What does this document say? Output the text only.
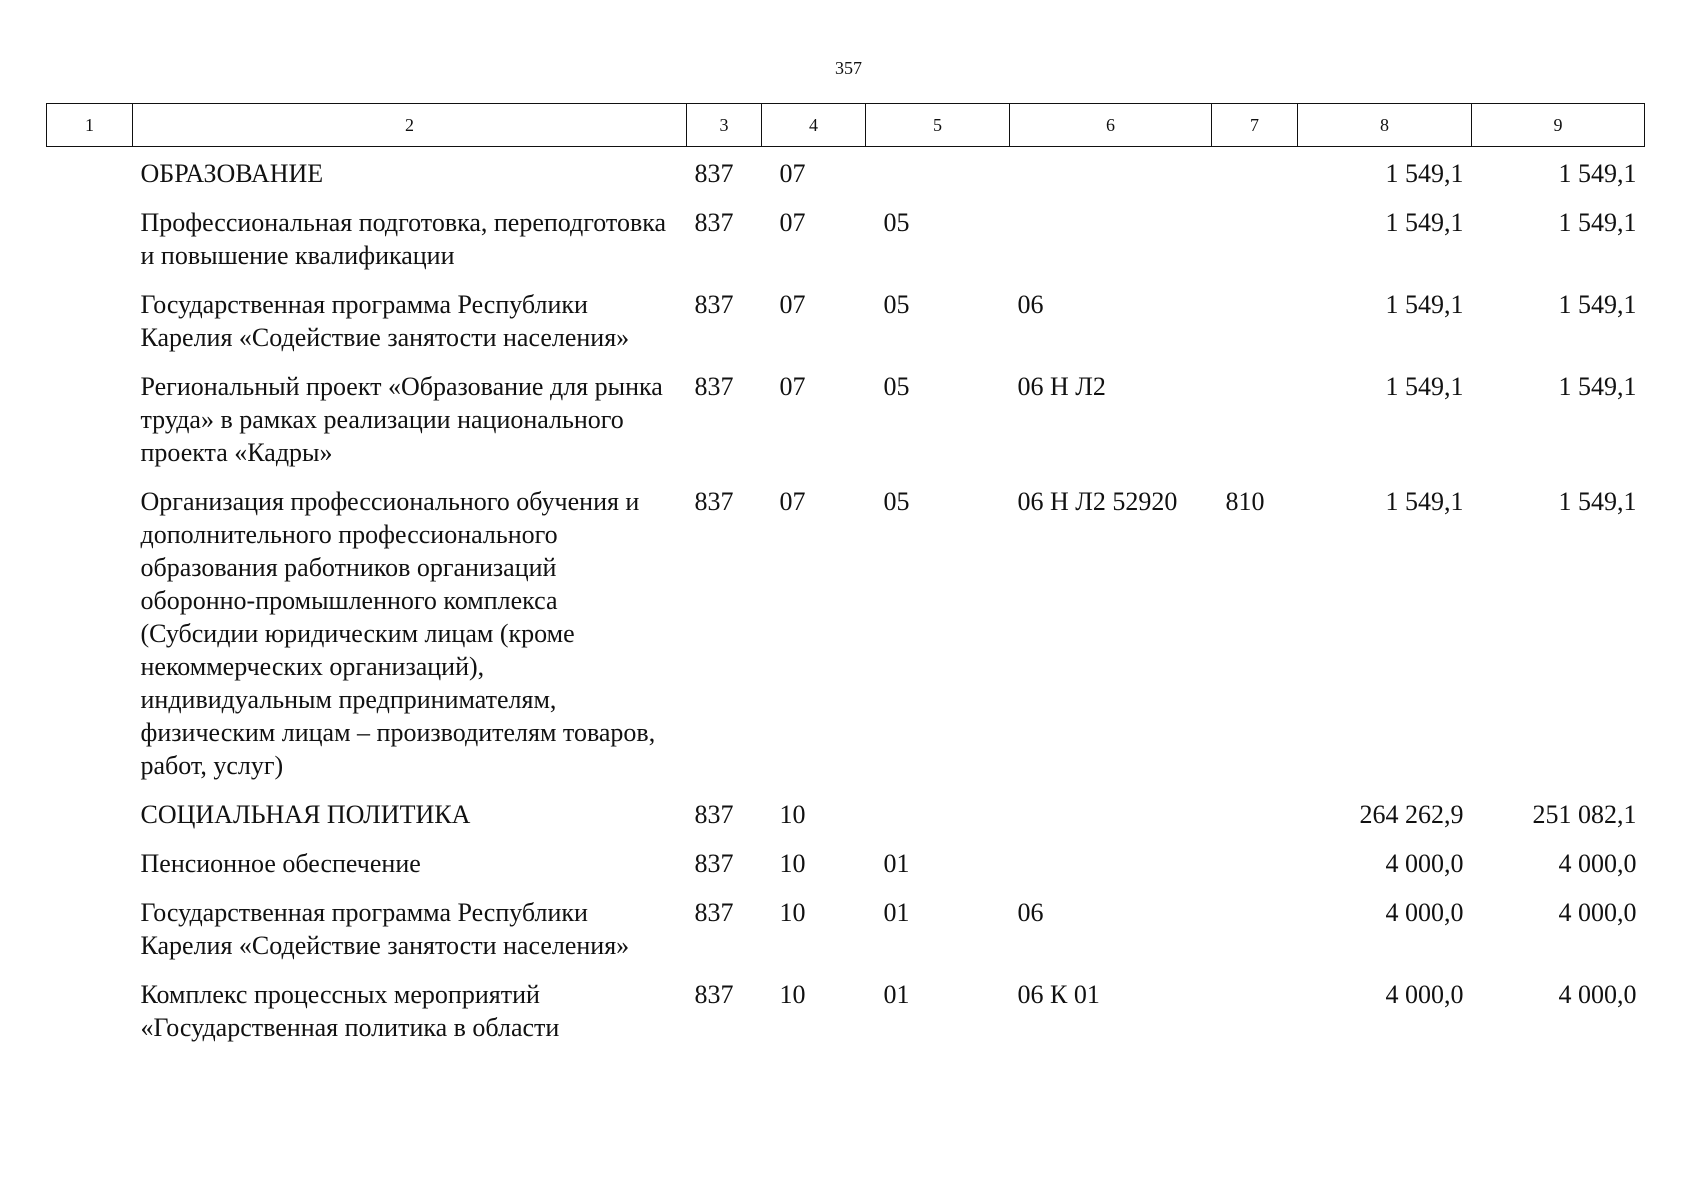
357
1	2	3	4	5	6	7	8	9
	ОБРАЗОВАНИЕ	837	07				1 549,1	1 549,1
	Профессиональная подготовка, переподготовка и повышение квалификации	837	07	05			1 549,1	1 549,1
	Государственная программа Республики Карелия «Содействие занятости населения»	837	07	05	06		1 549,1	1 549,1
	Региональный проект «Образование для рынка труда» в рамках реализации национального проекта «Кадры»	837	07	05	06 Н Л2		1 549,1	1 549,1
	Организация профессионального обучения и дополнительного профессионального образования работников организаций оборонно-промышленного комплекса (Субсидии юридическим лицам (кроме некоммерческих организаций), индивидуальным предпринимателям, физическим лицам – производителям товаров, работ, услуг)	837	07	05	06 Н Л2 52920	810	1 549,1	1 549,1
	СОЦИАЛЬНАЯ ПОЛИТИКА	837	10				264 262,9	251 082,1
	Пенсионное обеспечение	837	10	01			4 000,0	4 000,0
	Государственная программа Республики Карелия «Содействие занятости населения»	837	10	01	06		4 000,0	4 000,0
	Комплекс процессных мероприятий «Государственная политика в области	837	10	01	06 К 01		4 000,0	4 000,0
